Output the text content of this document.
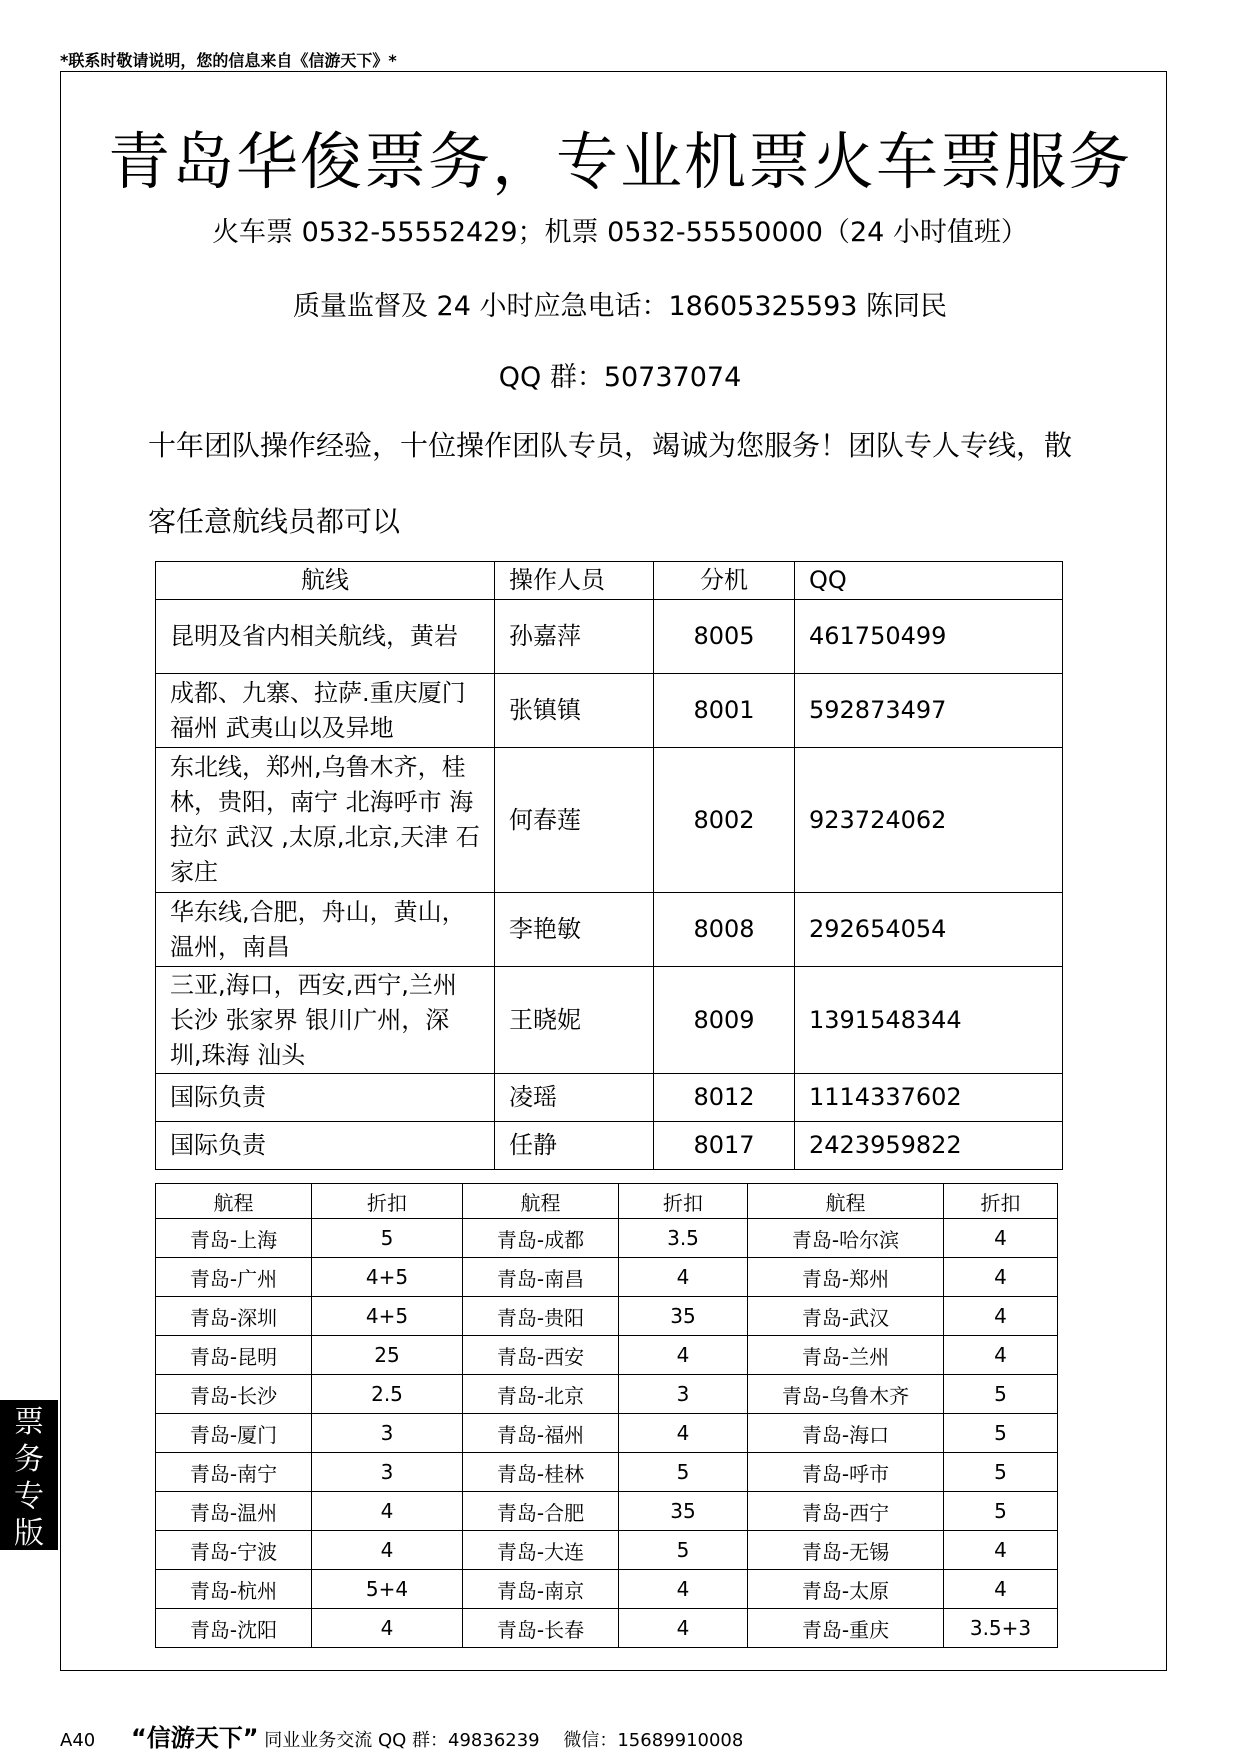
*联系时敬请说明，您的信息来自《信游天下》*
青岛华俊票务，专业机票火车票服务
火车票 0532-55552429；机票 0532-55550000（24 小时值班）
质量监督及 24 小时应急电话：18605325593 陈同民
QQ 群：50737074
十年团队操作经验，十位操作团队专员，竭诚为您服务！团队专人专线，散客任意航线员都可以
航线	操作人员	分机	QQ
昆明及省内相关航线，黄岩	孙嘉萍	8005	461750499
成都、九寨、拉萨.重庆厦门 福州 武夷山以及异地	张镇镇	8001	592873497
东北线，郑州,乌鲁木齐，桂林，贵阳，南宁 北海呼市 海拉尔 武汉 ,太原,北京,天津 石家庄	何春莲	8002	923724062
华东线,合肥，舟山，黄山，温州，南昌	李艳敏	8008	292654054
三亚,海口，西安,西宁,兰州 长沙 张家界 银川广州，深圳,珠海 汕头	王晓妮	8009	1391548344
国际负责	凌瑶	8012	1114337602
国际负责	任静	8017	2423959822
航程	折扣	航程	折扣	航程	折扣
青岛-上海	5	青岛-成都	3.5	青岛-哈尔滨	4
青岛-广州	4+5	青岛-南昌	4	青岛-郑州	4
青岛-深圳	4+5	青岛-贵阳	35	青岛-武汉	4
青岛-昆明	25	青岛-西安	4	青岛-兰州	4
青岛-长沙	2.5	青岛-北京	3	青岛-乌鲁木齐	5
青岛-厦门	3	青岛-福州	4	青岛-海口	5
青岛-南宁	3	青岛-桂林	5	青岛-呼市	5
青岛-温州	4	青岛-合肥	35	青岛-西宁	5
青岛-宁波	4	青岛-大连	5	青岛-无锡	4
青岛-杭州	5+4	青岛-南京	4	青岛-太原	4
青岛-沈阳	4	青岛-长春	4	青岛-重庆	3.5+3
票
务
专
版
A40 “信游天下” 同业业务交流 QQ 群：49836239　 微信：15689910008
